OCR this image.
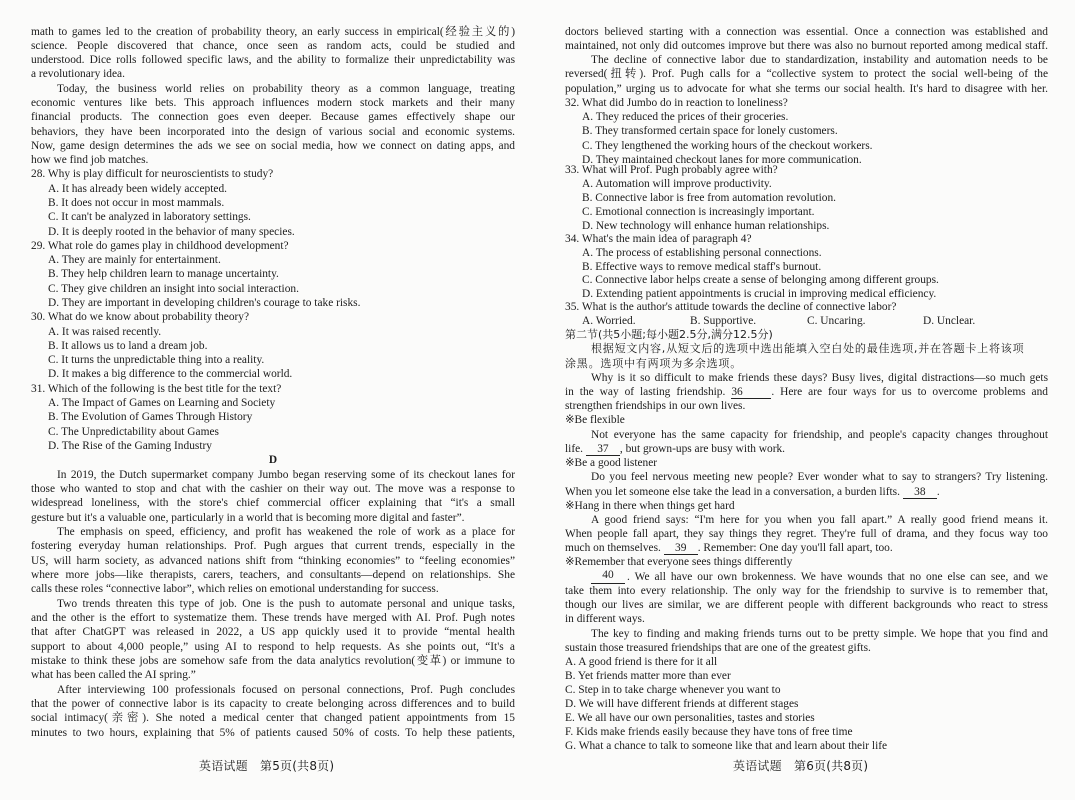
math to games led to the creation of probability theory, an early success in empirical(经验主义的)
science. People discovered that chance, once seen as random acts, could be studied and
understood. Dice rolls followed specific laws, and the ability to formalize their unpredictability was
a revolutionary idea.
Today, the business world relies on probability theory as a common language, treating
economic ventures like bets. This approach influences modern stock markets and their many
financial products. The connection goes even deeper. Because games effectively shape our
behaviors, they have been incorporated into the design of various social and economic systems.
Now, game design determines the ads we see on social media, how we connect on dating apps, and
how we find job matches.
28. Why is play difficult for neuroscientists to study?
A. It has already been widely accepted.
B. It does not occur in most mammals.
C. It can't be analyzed in laboratory settings.
D. It is deeply rooted in the behavior of many species.
29. What role do games play in childhood development?
A. They are mainly for entertainment.
B. They help children learn to manage uncertainty.
C. They give children an insight into social interaction.
D. They are important in developing children's courage to take risks.
30. What do we know about probability theory?
A. It was raised recently.
B. It allows us to land a dream job.
C. It turns the unpredictable thing into a reality.
D. It makes a big difference to the commercial world.
31. Which of the following is the best title for the text?
A. The Impact of Games on Learning and Society
B. The Evolution of Games Through History
C. The Unpredictability about Games
D. The Rise of the Gaming Industry
D
In 2019, the Dutch supermarket company Jumbo began reserving some of its checkout lanes for
those who wanted to stop and chat with the cashier on their way out. The move was a response to
widespread loneliness, with the store's chief commercial officer explaining that “it's a small
gesture but it's a valuable one, particularly in a world that is becoming more digital and faster”.
The emphasis on speed, efficiency, and profit has weakened the role of work as a place for
fostering everyday human relationships. Prof. Pugh argues that current trends, especially in the
US, will harm society, as advanced nations shift from “thinking economies” to “feeling economies”
where more jobs—like therapists, carers, teachers, and consultants—depend on relationships. She
calls these roles “connective labor”, which relies on emotional understanding for success.
Two trends threaten this type of job. One is the push to automate personal and unique tasks,
and the other is the effort to systematize them. These trends have merged with AI. Prof. Pugh notes
that after ChatGPT was released in 2022, a US app quickly used it to provide “mental health
support to about 4,000 people,” using AI to respond to help requests. As she points out, “It's a
mistake to think these jobs are somehow safe from the data analytics revolution(变革) or immune to
what has been called the AI spring.”
After interviewing 100 professionals focused on personal connections, Prof. Pugh concludes
that the power of connective labor is its capacity to create belonging across differences and to build
social intimacy(亲密). She noted a medical center that changed patient appointments from 15
minutes to two hours, explaining that 5% of patients caused 50% of costs. To help these patients,
英语试题　第5页(共8页)
doctors believed starting with a connection was essential. Once a connection was established and
maintained, not only did outcomes improve but there was also no burnout reported among medical staff.
The decline of connective labor due to standardization, instability and automation needs to be
reversed(扭转). Prof. Pugh calls for a “collective system to protect the social well-being of the
population,” urging us to advocate for what she terms our social health. It's hard to disagree with her.
32. What did Jumbo do in reaction to loneliness?
A. They reduced the prices of their groceries.
B. They transformed certain space for lonely customers.
C. They lengthened the working hours of the checkout workers.
D. They maintained checkout lanes for more communication.
33. What will Prof. Pugh probably agree with?
A. Automation will improve productivity.
B. Connective labor is free from automation revolution.
C. Emotional connection is increasingly important.
D. New technology will enhance human relationships.
34. What's the main idea of paragraph 4?
A. The process of establishing personal connections.
B. Effective ways to remove medical staff's burnout.
C. Connective labor helps create a sense of belonging among different groups.
D. Extending patient appointments is crucial in improving medical efficiency.
35. What is the author's attitude towards the decline of connective labor?
A. Worried.	B. Supportive.	C. Uncaring.	D. Unclear.
第二节(共5小题;每小题2.5分,满分12.5分)
根据短文内容,从短文后的选项中选出能填入空白处的最佳选项,并在答题卡上将该项
涂黑。选项中有两项为多余选项。
Why is it so difficult to make friends these days? Busy lives, digital distractions—so much gets
in the way of lasting friendship. 36	. Here are four ways for us to overcome problems and
strengthen friendships in our own lives.
※Be flexible
Not everyone has the same capacity for friendship, and people's capacity changes throughout
life. 37 , but grown-ups are busy with work.
※Be a good listener
Do you feel nervous meeting new people? Ever wonder what to say to strangers? Try listening.
When you let someone else take the lead in a conversation, a burden lifts. 38 .
※Hang in there when things get hard
A good friend says: “I'm here for you when you fall apart.” A really good friend means it.
When people fall apart, they say things they regret. They're full of drama, and they focus way too
much on themselves. 39 . Remember: One day you'll fall apart, too.
※Remember that everyone sees things differently
40	. We all have our own brokenness. We have wounds that no one else can see, and we
take them into every relationship. The only way for the friendship to survive is to remember that,
though our lives are similar, we are different people with different backgrounds who react to stress
in different ways.
The key to finding and making friends turns out to be pretty simple. We hope that you find and
sustain those treasured friendships that are one of the greatest gifts.
A. A good friend is there for it all
B. Yet friends matter more than ever
C. Step in to take charge whenever you want to
D. We will have different friends at different stages
E. We all have our own personalities, tastes and stories
F. Kids make friends easily because they have tons of free time
G. What a chance to talk to someone like that and learn about their life
英语试题　第6页(共8页)
